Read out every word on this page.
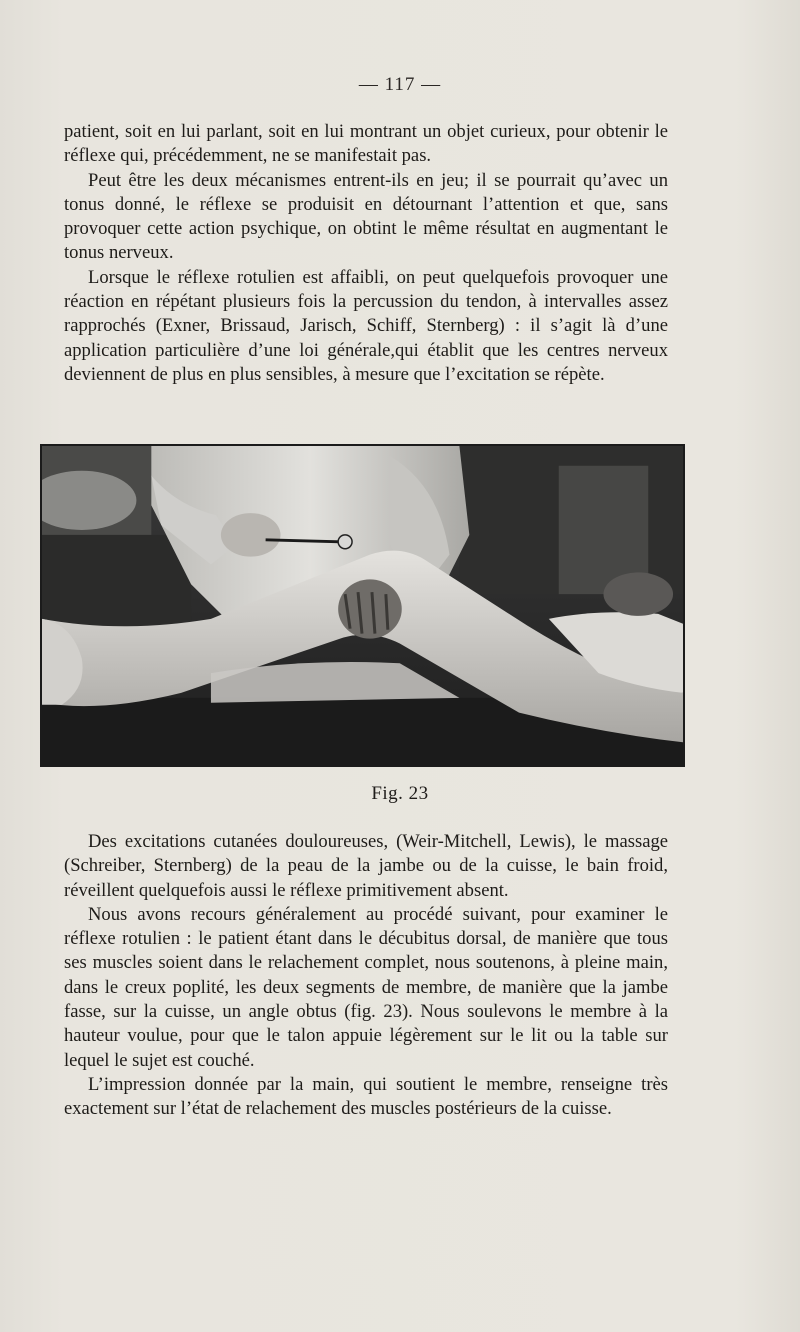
— 117 —

patient, soit en lui parlant, soit en lui montrant un objet curieux, pour obtenir le réflexe qui, précédemment, ne se manifestait pas.

Peut être les deux mécanismes entrent-ils en jeu; il se pourrait qu’avec un tonus donné, le réflexe se produisit en détournant l’attention et que, sans provoquer cette action psychique, on obtint le même résultat en augmentant le tonus nerveux.

Lorsque le réflexe rotulien est affaibli, on peut quelquefois provoquer une réaction en répétant plusieurs fois la percussion du tendon, à intervalles assez rapprochés (Exner, Brissaud, Jarisch, Schiff, Sternberg) : il s’agit là d’une application particulière d’une loi générale,qui établit que les centres nerveux deviennent de plus en plus sensibles, à mesure que l’excitation se répète.

Fig. 23

Des excitations cutanées douloureuses, (Weir-Mitchell, Lewis), le massage (Schreiber, Sternberg) de la peau de la jambe ou de la cuisse, le bain froid, réveillent quelquefois aussi le réflexe primitivement absent.

Nous avons recours généralement au procédé suivant, pour examiner le réflexe rotulien : le patient étant dans le décubitus dorsal, de manière que tous ses muscles soient dans le relachement complet, nous soutenons, à pleine main, dans le creux poplité, les deux segments de membre, de manière que la jambe fasse, sur la cuisse, un angle obtus (fig. 23). Nous soulevons le membre à la hauteur voulue, pour que le talon appuie légèrement sur le lit ou la table sur lequel le sujet est couché.

L’impression donnée par la main, qui soutient le membre, renseigne très exactement sur l’état de relachement des muscles postérieurs de la cuisse.
